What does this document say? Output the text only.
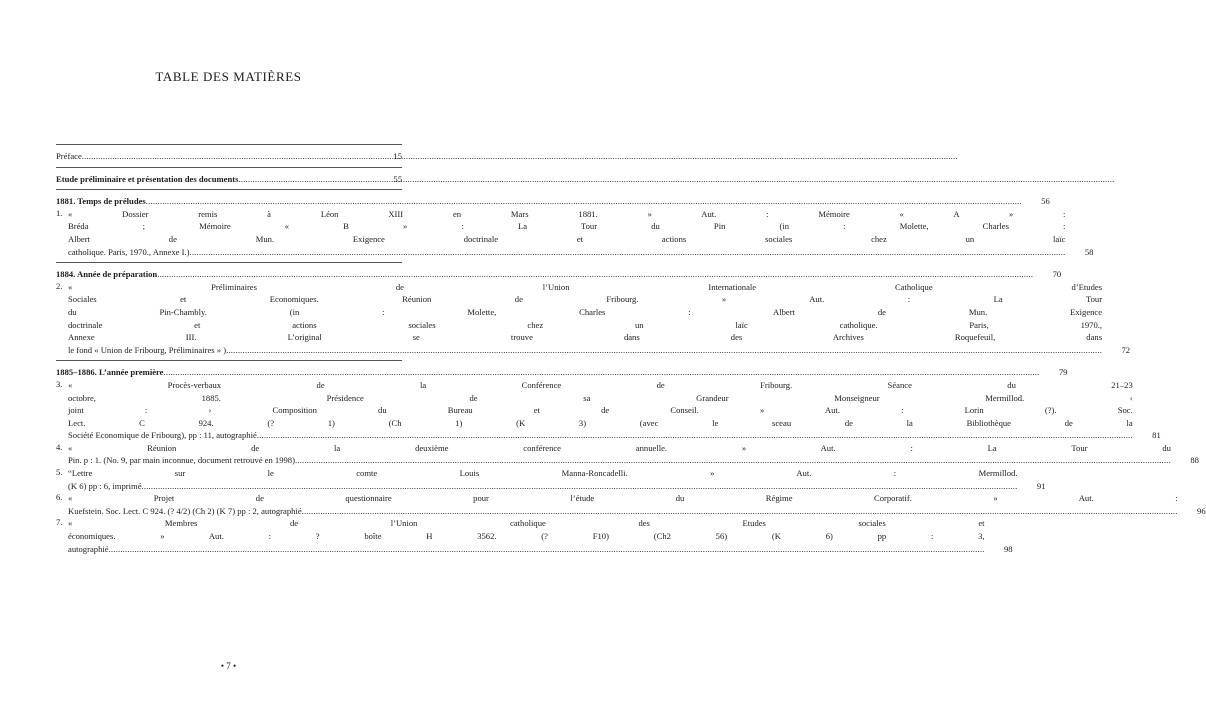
TABLE DES MATIÈRES
Préface .....	15
Etude préliminaire et présentation des documents .....	55
1881. Temps de préludes .....	56
1. « Dossier remis à Léon XIII en Mars 1881. » Aut. : Mémoire « A » :
Bréda ; Mémoire « B » : La Tour du Pin (in : Molette, Charles :
Albert de Mun. Exigence doctrinale et actions sociales chez un laïc
catholique. Paris, 1970., Annexe I.) .....	58
1884. Année de préparation .....	70
2. « Préliminaires de l’Union Internationale Catholique d’Etudes
Sociales et Economiques. Réunion de Fribourg. » Aut. : La Tour
du Pin-Chambly. (in : Molette, Charles : Albert de Mun. Exigence
doctrinale et actions sociales chez un laïc catholique. Paris, 1970.,
Annexe III. L’original se trouve dans des Archives Roquefeuil, dans
le fond « Union de Fribourg, Préliminaires » ) .....	72
1885–1886. L’année première .....	79
3. « Procès-verbaux de la Conférence de Fribourg. Séance du 21–23
octobre, 1885. Présidence de sa Grandeur Monseigneur Mermillod. ‹
joint : › Composition du Bureau et de Conseil. » Aut. : Lorin (?). Soc.
Lect. C 924. (? 1) (Ch 1) (K 3) (avec le sceau de la Bibliothèque de la
Société Economique de Fribourg), pp : 11, autographié .....	81
4. « Réunion de la deuxième conférence annuelle. » Aut. : La Tour du
Pin. p : 1. (No. 9, par main inconnue, document retrouvé en 1998) .....	88
5. “Lettre sur le comte Louis Manna-Roncadelli. » Aut. : Mermillod.
(K 6) pp : 6, imprimé .....	91
6. « Projet de questionnaire pour l’étude du Régime Corporatif. » Aut. :
Kuefstein. Soc. Lect. C 924. (? 4/2) (Ch 2) (K 7) pp : 2, autographié .....	96
7. « Membres de l’Union catholique des Etudes sociales et
économiques. » Aut. : ? boîte H 3562. (? F10) (Ch2 56) (K 6) pp : 3,
autographié .....	98
• 7 •
